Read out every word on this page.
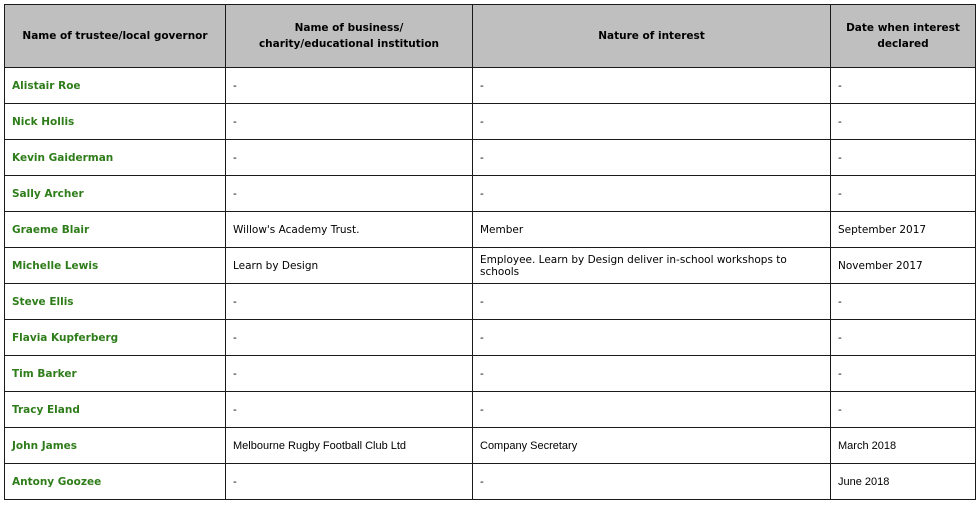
Name of trustee/local governor	Name of business/ charity/educational institution	Nature of interest	Date when interest declared
Alistair Roe	-	-	-
Nick Hollis	-	-	-
Kevin Gaiderman	-	-	-
Sally Archer	-	-	-
Graeme Blair	Willow's Academy Trust.	Member	September 2017
Michelle Lewis	Learn by Design	Employee. Learn by Design deliver in-school workshops to schools	November 2017
Steve Ellis	-	-	-
Flavia Kupferberg	-	-	-
Tim Barker	-	-	-
Tracy Eland	-	-	-
John James	Melbourne Rugby Football Club Ltd	Company Secretary	March 2018
Antony Goozee	-	-	June 2018
